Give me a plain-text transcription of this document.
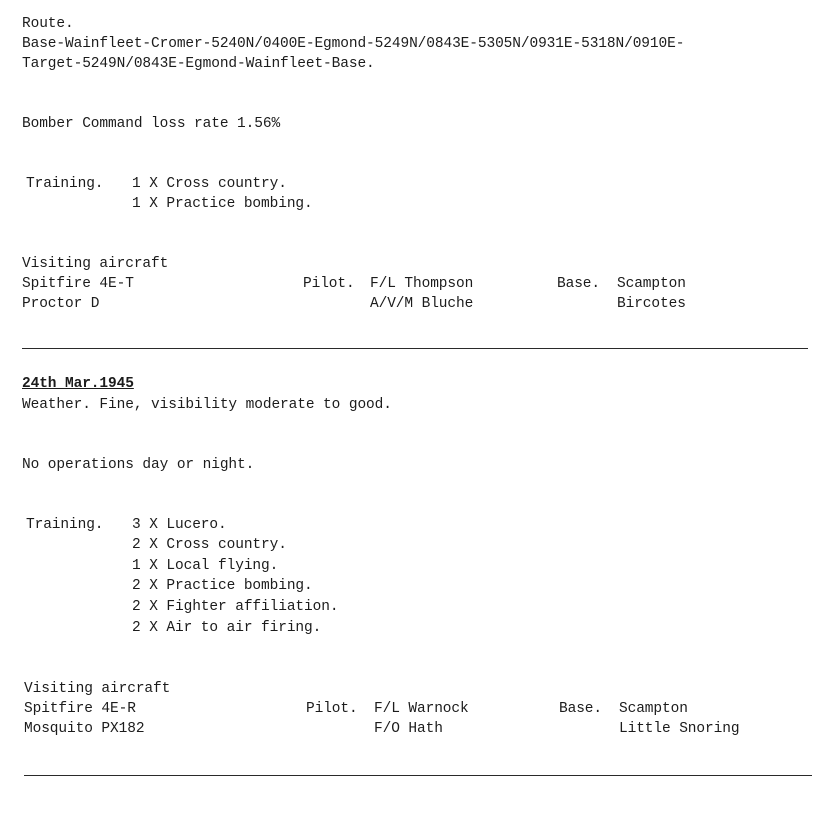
Route.
Base-Wainfleet-Cromer-5240N/0400E-Egmond-5249N/0843E-5305N/0931E-5318N/0910E-
Target-5249N/0843E-Egmond-Wainfleet-Base.
Bomber Command loss rate 1.56%
Training. 1 X Cross country.
1 X Practice bombing.
Visiting aircraft
Spitfire 4E-T	Pilot. F/L Thompson	Base. Scampton
Proctor D	A/V/M Bluche	Bircotes
24th Mar.1945
Weather. Fine, visibility moderate to good.
No operations day or night.
Training. 3 X Lucero.
2 X Cross country.
1 X Local flying.
2 X Practice bombing.
2 X Fighter affiliation.
2 X Air to air firing.
Visiting aircraft
Spitfire 4E-R	Pilot. F/L Warnock	Base. Scampton
Mosquito PX182	F/O Hath	Little Snoring
